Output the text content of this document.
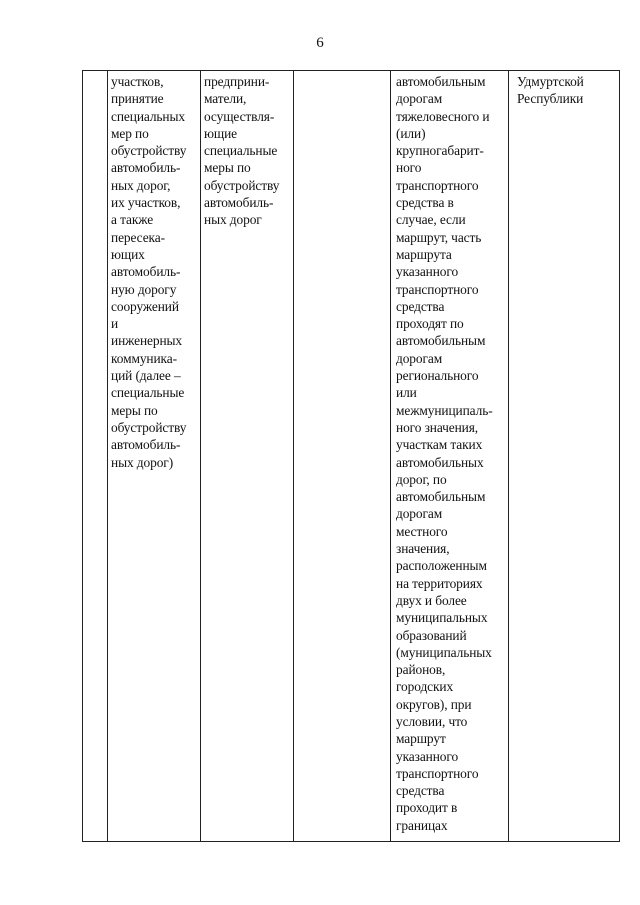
6
участков,
принятие
специальных
мер по
обустройству
автомобиль-
ных дорог,
их участков,
а также
пересека-
ющих
автомобиль-
ную дорогу
сооружений
и
инженерных
коммуника-
ций (далее –
специальные
меры по
обустройству
автомобиль-
ных дорог)
предприни-
матели,
осуществля-
ющие
специальные
меры по
обустройству
автомобиль-
ных дорог
автомобильным
дорогам
тяжеловесного и
(или)
крупногабарит-
ного
транспортного
средства в
случае, если
маршрут, часть
маршрута
указанного
транспортного
средства
проходят по
автомобильным
дорогам
регионального
или
межмуниципаль-
ного значения,
участкам таких
автомобильных
дорог, по
автомобильным
дорогам
местного
значения,
расположенным
на территориях
двух и более
муниципальных
образований
(муниципальных
районов,
городских
округов), при
условии, что
маршрут
указанного
транспортного
средства
проходит в
границах
Удмуртской
Республики
